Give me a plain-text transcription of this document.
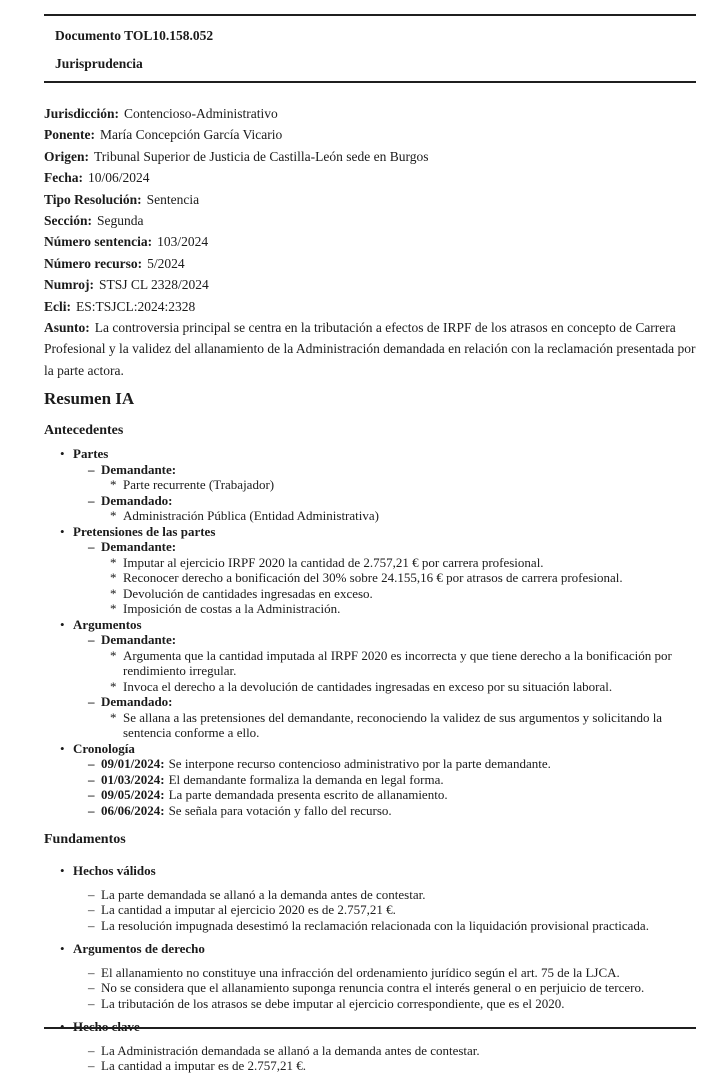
Documento TOL10.158.052
Jurisprudencia
Jurisdicción: Contencioso-Administrativo
Ponente: María Concepción García Vicario
Origen: Tribunal Superior de Justicia de Castilla-León sede en Burgos
Fecha: 10/06/2024
Tipo Resolución: Sentencia
Sección: Segunda
Número sentencia: 103/2024
Número recurso: 5/2024
Numroj: STSJ CL 2328/2024
Ecli: ES:TSJCL:2024:2328
Asunto: La controversia principal se centra en la tributación a efectos de IRPF de los atrasos en concepto de Carrera Profesional y la validez del allanamiento de la Administración demandada en relación con la reclamación presentada por la parte actora.
Resumen IA
Antecedentes
• Partes
– Demandante:
* Parte recurrente (Trabajador)
– Demandado:
* Administración Pública (Entidad Administrativa)
• Pretensiones de las partes
– Demandante:
* Imputar al ejercicio IRPF 2020 la cantidad de 2.757,21 € por carrera profesional.
* Reconocer derecho a bonificación del 30% sobre 24.155,16 € por atrasos de carrera profesional.
* Devolución de cantidades ingresadas en exceso.
* Imposición de costas a la Administración.
• Argumentos
– Demandante:
* Argumenta que la cantidad imputada al IRPF 2020 es incorrecta y que tiene derecho a la bonificación por rendimiento irregular.
* Invoca el derecho a la devolución de cantidades ingresadas en exceso por su situación laboral.
– Demandado:
* Se allana a las pretensiones del demandante, reconociendo la validez de sus argumentos y solicitando la sentencia conforme a ello.
• Cronología
– 09/01/2024: Se interpone recurso contencioso administrativo por la parte demandante.
– 01/03/2024: El demandante formaliza la demanda en legal forma.
– 09/05/2024: La parte demandada presenta escrito de allanamiento.
– 06/06/2024: Se señala para votación y fallo del recurso.
Fundamentos
• Hechos válidos
– La parte demandada se allanó a la demanda antes de contestar.
– La cantidad a imputar al ejercicio 2020 es de 2.757,21 €.
– La resolución impugnada desestimó la reclamación relacionada con la liquidación provisional practicada.
• Argumentos de derecho
– El allanamiento no constituye una infracción del ordenamiento jurídico según el art. 75 de la LJCA.
– No se considera que el allanamiento suponga renuncia contra el interés general o en perjuicio de tercero.
– La tributación de los atrasos se debe imputar al ejercicio correspondiente, que es el 2020.
– La Administración demandada se allanó a la demanda antes de contestar.
– La cantidad a imputar es de 2.757,21 €.
